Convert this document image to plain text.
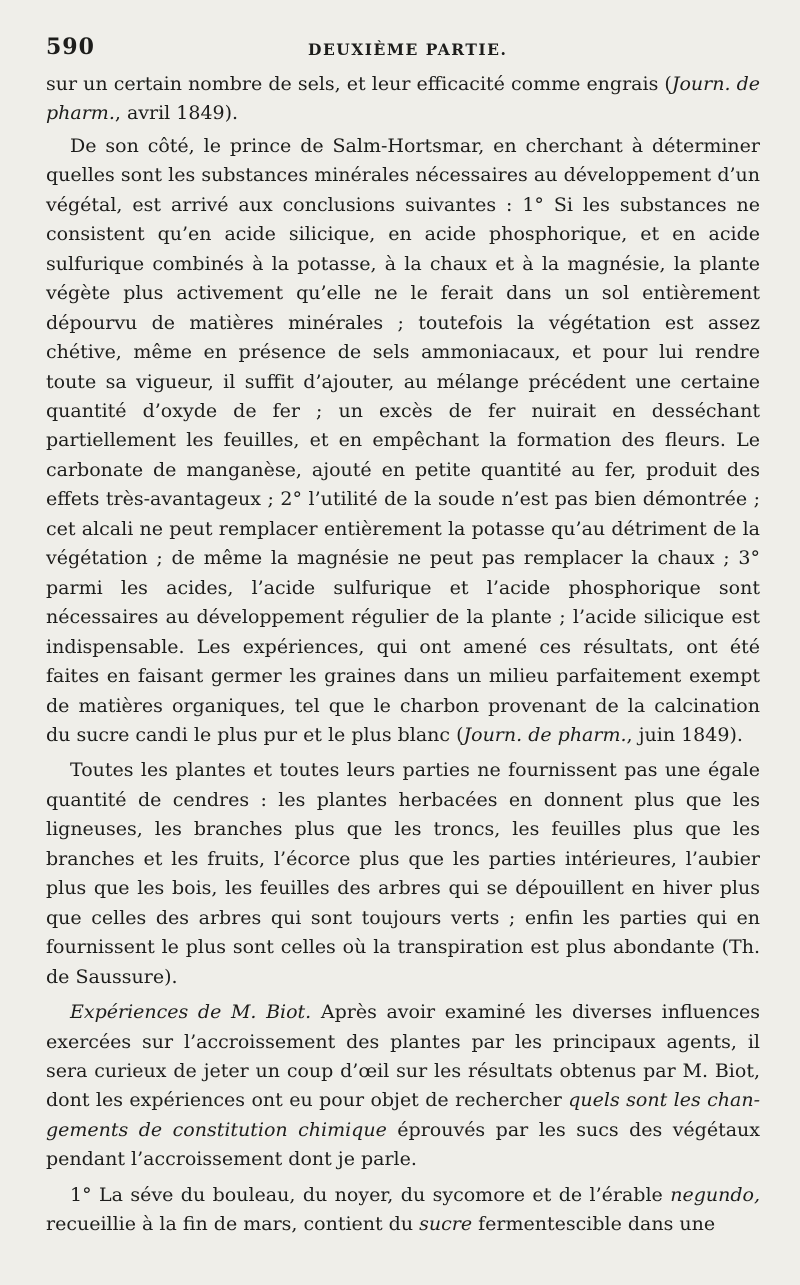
590	DEUXIÈME PARTIE.

sur un certain nombre de sels, et leur efficacité comme engrais (Journ. de pharm., avril 1849).

De son côté, le prince de Salm-Hortsmar, en cherchant à déterminer quelles sont les substances minérales nécessaires au développement d’un végétal, est arrivé aux conclusions suivantes : 1° Si les substances ne consistent qu’en acide silicique, en acide phosphorique, et en acide sulfurique combinés à la potasse, à la chaux et à la magnésie, la plante végète plus activement qu’elle ne le ferait dans un sol entièrement dépourvu de matières minérales ; toutefois la végétation est assez chétive, même en présence de sels ammoniacaux, et pour lui rendre toute sa vigueur, il suffit d’ajouter, au mélange précédent une certaine quantité d’oxyde de fer ; un excès de fer nuirait en desséchant partiellement les feuilles, et en empêchant la formation des fleurs. Le carbonate de manganèse, ajouté en petite quantité au fer, produit des effets très-avantageux ; 2° l’utilité de la soude n’est pas bien démontrée ; cet alcali ne peut remplacer entièrement la potasse qu’au détriment de la végétation ; de même la magnésie ne peut pas remplacer la chaux ; 3° parmi les acides, l’acide sulfurique et l’acide phosphorique sont nécessaires au développement régulier de la plante ; l’acide silicique est indispensable. Les expériences, qui ont amené ces résultats, ont été faites en faisant germer les graines dans un milieu parfaitement exempt de matières organiques, tel que le charbon provenant de la calcination du sucre candi le plus pur et le plus blanc (Journ. de pharm., juin 1849).

Toutes les plantes et toutes leurs parties ne fournissent pas une égale quantité de cendres : les plantes herbacées en donnent plus que les ligneuses, les branches plus que les troncs, les feuilles plus que les branches et les fruits, l’écorce plus que les parties intérieures, l’aubier plus que les bois, les feuilles des arbres qui se dépouillent en hiver plus que celles des arbres qui sont toujours verts ; enfin les parties qui en fournissent le plus sont celles où la transpiration est plus abondante (Th. de Saussure).

Expériences de M. Biot. Après avoir examiné les diverses influences exercées sur l’accroissement des plantes par les principaux agents, il sera curieux de jeter un coup d’œil sur les résultats obtenus par M. Biot, dont les expériences ont eu pour objet de rechercher quels sont les changements de constitution chimique éprouvés par les sucs des végétaux pendant l’accroissement dont je parle.

1° La séve du bouleau, du noyer, du sycomore et de l’érable negundo, recueillie à la fin de mars, contient du sucre fermentescible dans une
